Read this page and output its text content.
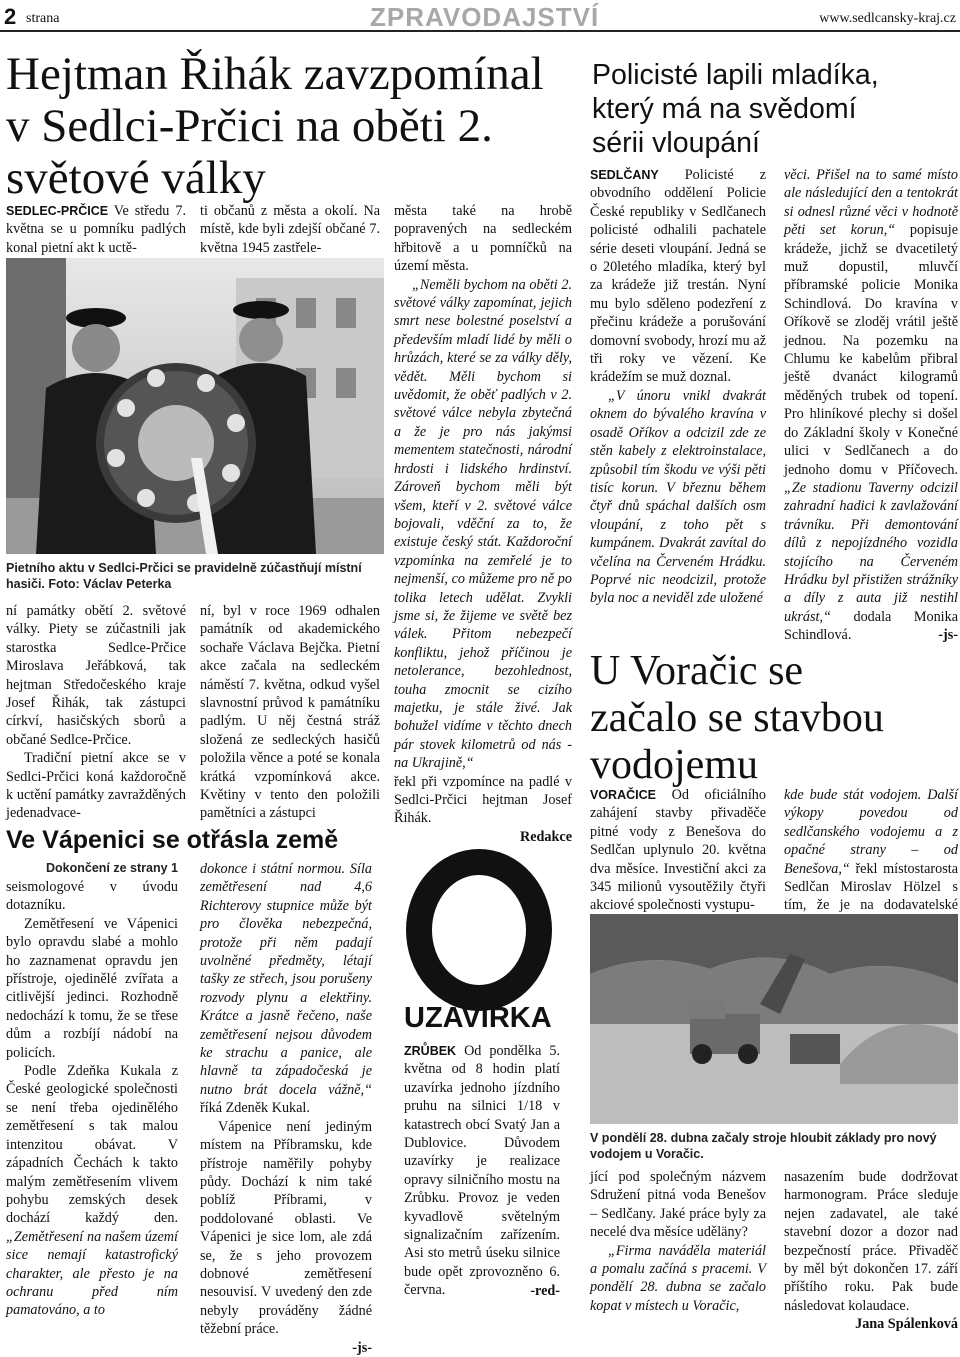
2 strana	ZPRAVODAJSTVÍ	www.sedlcansky-kraj.cz
Hejtman Řihák zavzpomínal
v Sedlci-Prčici na oběti 2.
světové války

SEDLEC-PRČICE Ve středu 7. května se u pomníku padlých konal pietní akt k uctě-

ti občanů z města a okolí. Na místě, kde byli zdejší občané 7. května 1945 zastřele-

Pietního aktu v Sedlci-Prčici se pravidelně zúčastňují místní hasiči. Foto: Václav Peterka

ní památky obětí 2. světové války. Piety se zúčastnili jak starostka Sedlce-Prčice Miroslava Jeřábková, tak hejtman Středočeského kraje Josef Řihák, tak zástupci církví, hasičských sborů a občané Sedlce-Prčice.

Tradiční pietní akce se v Sedlci-Prčici koná každoročně k uctění památky zavražděných jedenadvace-

ní, byl v roce 1969 odhalen památník od akademického sochaře Václava Bejčka. Pietní akce začala na sedleckém náměstí 7. května, odkud vyšel slavnostní průvod k památníku padlým. U něj čestná stráž složená ze sedleckých hasičů položila věnce a poté se konala krátká vzpomínková akce. Květiny v tento den položili pamětníci a zástupci

města také na hrobě popravených na sedleckém hřbitově a u pomníčků na území města.

„Neměli bychom na oběti 2. světové války zapomínat, jejich smrt nese bolestné poselství a především mladí lidé by měli o hrůzách, které se za války děly, vědět. Měli bychom si uvědomit, že oběť padlých v 2. světové válce nebyla zbytečná a že je pro nás jakýmsi mementem statečnosti, národní hrdosti i lidského hrdinství. Zároveň bychom měli být všem, kteří v 2. světové válce bojovali, vděční za to, že existuje český stát. Každoroční vzpomínka na zemřelé je to nejmenší, co můžeme pro ně po tolika letech udělat. Zvykli jsme si, že žijeme ve světě bez válek. Přitom nebezpečí konfliktu, jehož příčinou je netolerance, bezohlednost, touha zmocnit se cizího majetku, je stále živé. Jak bohužel vidíme v těchto dnech pár stovek kilometrů od nás - na Ukrajině,“

řekl při vzpomínce na padlé v Sedlci-Prčici hejtman Josef Řihák.

Redakce

Ve Vápenici se otřásla země
Dokončení ze strany 1

seismologové v úvodu dotazníku.

Zemětřesení ve Vápenici bylo opravdu slabé a mohlo ho zaznamenat opravdu jen přístroje, ojedinělé zvířata a citlivější jedinci. Rozhodně nedochází k tomu, že se třese dům a rozbíjí nádobí na policích.

Podle Zdeňka Kukala z České geologické společnosti se není třeba ojedinělého zemětřesení s tak malou intenzitou obávat. V západních Čechách k takto malým zemětřesením vlivem pohybu zemských desek dochází každý den. „Zemětřesení na našem území sice nemají katastrofický charakter, ale přesto je na ochranu před ním pamatováno, a to

dokonce i státní normou. Síla zemětřesení nad 4,6 Richterovy stupnice může být pro člověka nebezpečná, protože při něm padají uvolněné předměty, létají tašky ze střech, jsou porušeny rozvody plynu a elektřiny. Krátce a jasně řečeno, naše zemětřesení nejsou důvodem ke strachu a panice, ale hlavně ta západočeská je nutno brát docela vážně,“ říká Zdeněk Kukal.

Vápenice není jediným místem na Příbramsku, kde přístroje naměřily pohyby půdy. Dochází k nim také poblíž Příbrami, v poddolované oblasti. Ve Vápenici je sice lom, ale zdá se, že s jeho provozem dobnové zemětřesení nesouvisí. V uvedený den zde nebyly prováděny žádné těžební práce.

-js-

UZAVÍRKA

ZRŮBEK Od pondělka 5. května od 8 hodin platí uzavírka jednoho jízdního pruhu na silnici 1/18 v katastrech obcí Svatý Jan a Dublovice. Důvodem uzavírky je realizace opravy silničního mostu na Zrůbku. Provoz je veden kyvadlově světelným signalizačním zařízením. Asi sto metrů úseku silnice bude opět zprovozněno 6. června.	-red-

Policisté lapili mladíka,
který má na svědomí
sérii vloupání

SEDLČANY Policisté z obvodního oddělení Policie České republiky v Sedlčanech policisté odhalili pachatele série deseti vloupání. Jedná se o 20letého mladíka, který byl za krádeže již trestán. Nyní mu bylo sděleno podezření z přečinu krádeže a porušování domovní svobody, hrozí mu až tři roky ve vězení. Ke krádežím se muž doznal.

„V únoru vnikl dvakrát oknem do bývalého kravína v osadě Oříkov a odcizil zde ze stěn kabely z elektroinstalace, způsobil tím škodu ve výši pěti tisíc korun. V březnu během čtyř dnů spáchal dalších osm vloupání, z toho pět s kumpánem. Dvakrát zavítal do včelína na Červeném Hrádku. Poprvé nic neodcizil, protože byla noc a neviděl zde uložené

věci. Přišel na to samé místo ale následující den a tentokrát si odnesl různé věci v hodnotě pěti set korun,“ popisuje krádeže, jichž se dvacetiletý muž dopustil, mluvčí příbramské policie Monika Schindlová. Do kravína v Oříkově se zloděj vrátil ještě jednou. Na pozemku na Chlumu ke kabelům přibral ještě dvanáct kilogramů měděných trubek od topení. Pro hliníkové plechy si došel do Základní školy v Konečné ulici v Sedlčanech a do jednoho domu v Příčovech. „Ze stadionu Taverny odcizil zahradní hadici k zavlažování trávníku. Při demontování dílů z nepojízdného vozidla stojícího na Červeném Hrádku byl přistižen strážníky a díly z auta již nestihl ukrást,“ dodala Monika Schindlová.	-js-

U Voračic se
začalo se stavbou
vodojemu

VORAČICE Od oficiálního zahájení stavby přivaděče pitné vody z Benešova do Sedlčan uplynulo 20. května dva měsíce. Investiční akci za 345 milionů vysoutěžily čtyři akciové společnosti vystupu-

kde bude stát vodojem. Další výkopy povedou od sedlčanského vodojemu a z opačné strany – od Benešova,“ řekl místostarosta Sedlčan Miroslav Hölzel s tím, že je na dodavatelské

V pondělí 28. dubna začaly stroje hloubit základy pro nový vodojem u Voračic.

jící pod společným názvem Sdružení pitná voda Benešov – Sedlčany. Jaké práce byly za necelé dva měsíce uděläny?

„Firma naváděla materiál a pomalu začíná s pracemi. V pondělí 28. dubna se začalo kopat v místech u Voračic,

nasazením bude dodržovat harmonogram. Práce sleduje nejen zadavatel, ale také stavební dozor a dozor nad bezpečností práce. Přivaděč by měl být dokončen 17. září příštího roku. Pak bude následovat kolaudace.

Jana Spálenková
